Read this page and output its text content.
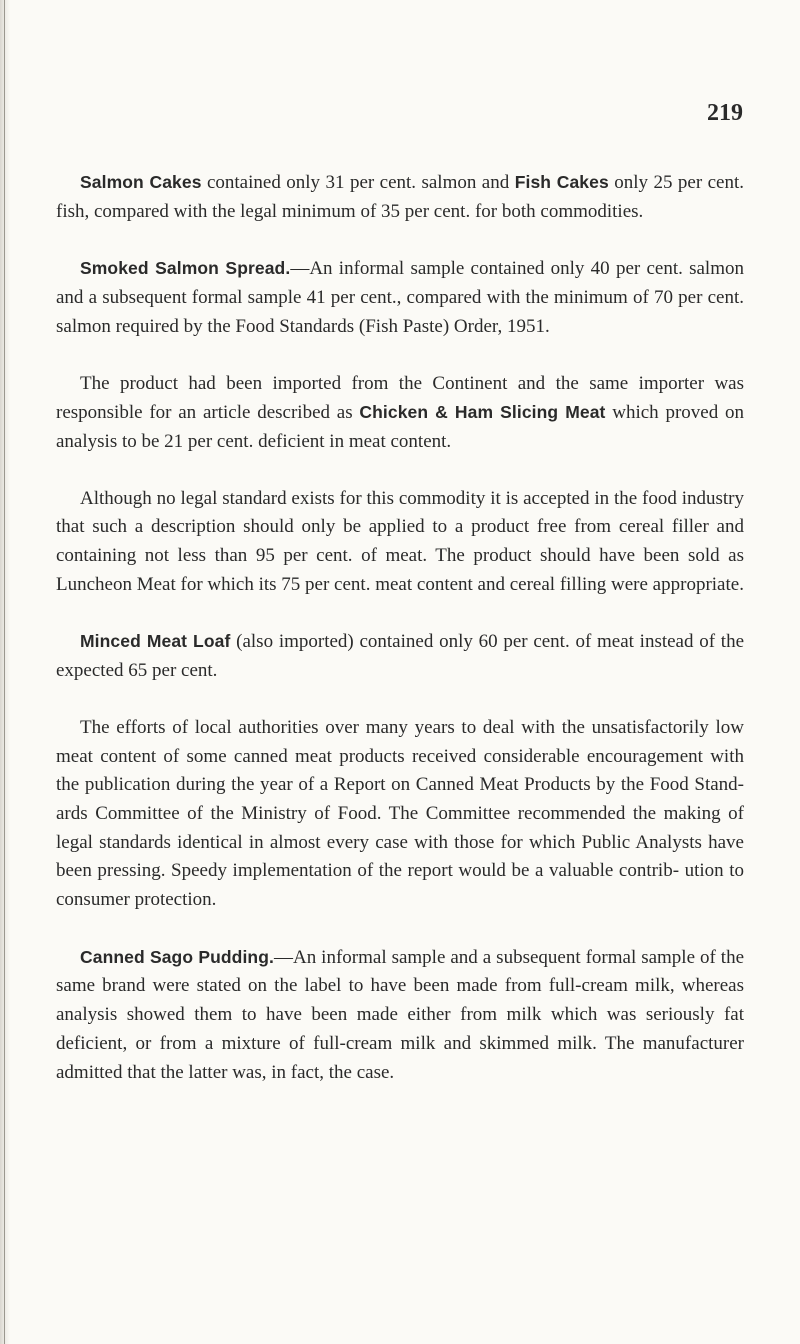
219

Salmon Cakes contained only 31 per cent. salmon and Fish Cakes only 25 per cent. fish, compared with the legal minimum of 35 per cent. for both commodities.

Smoked Salmon Spread.—An informal sample contained only 40 per cent. salmon and a subsequent formal sample 41 per cent., compared with the minimum of 70 per cent. salmon required by the Food Standards (Fish Paste) Order, 1951.

The product had been imported from the Continent and the same importer was responsible for an article described as Chicken & Ham Slicing Meat which proved on analysis to be 21 per cent. deficient in meat content.

Although no legal standard exists for this commodity it is accepted in the food industry that such a description should only be applied to a product free from cereal filler and containing not less than 95 per cent. of meat. The product should have been sold as Luncheon Meat for which its 75 per cent. meat content and cereal filling were appropriate.

Minced Meat Loaf (also imported) contained only 60 per cent. of meat instead of the expected 65 per cent.

The efforts of local authorities over many years to deal with the unsatisfactorily low meat content of some canned meat products received considerable encouragement with the publication during the year of a Report on Canned Meat Products by the Food Stand- ards Committee of the Ministry of Food. The Committee recommended the making of legal standards identical in almost every case with those for which Public Analysts have been pressing. Speedy implementation of the report would be a valuable contrib- ution to consumer protection.

Canned Sago Pudding.—An informal sample and a subsequent formal sample of the same brand were stated on the label to have been made from full-cream milk, whereas analysis showed them to have been made either from milk which was seriously fat deficient, or from a mixture of full-cream milk and skimmed milk. The manufacturer admitted that the latter was, in fact, the case.
